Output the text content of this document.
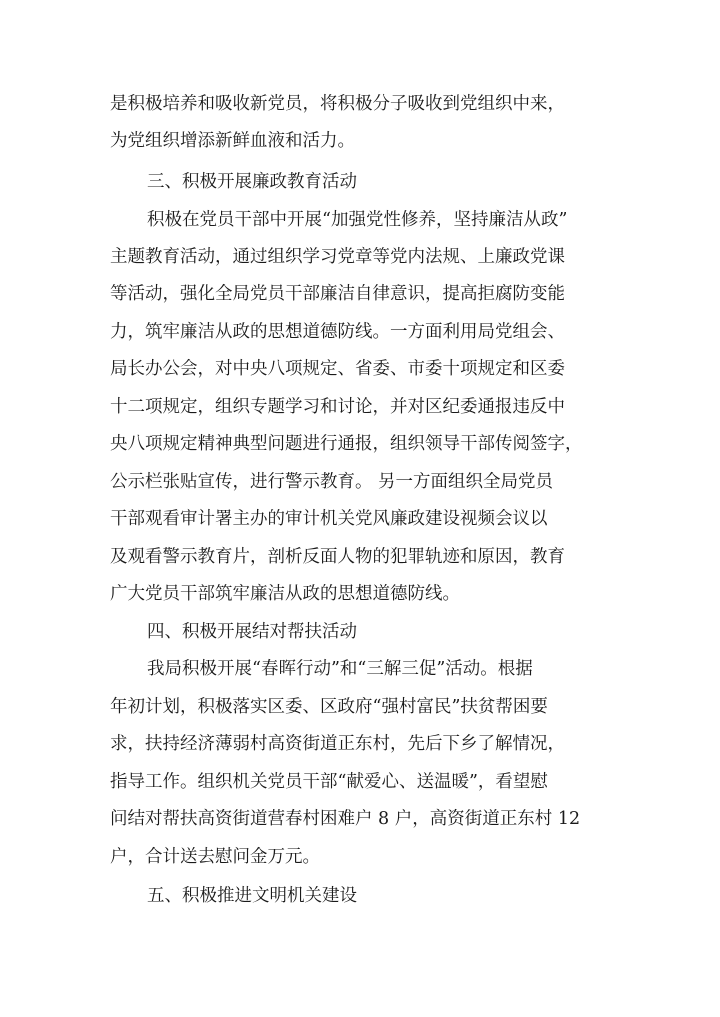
是积极培养和吸收新党员，将积极分子吸收到党组织中来，
为党组织增添新鲜血液和活力。
三、积极开展廉政教育活动
积极在党员干部中开展“加强党性修养，坚持廉洁从政”
主题教育活动，通过组织学习党章等党内法规、上廉政党课
等活动，强化全局党员干部廉洁自律意识，提高拒腐防变能
力，筑牢廉洁从政的思想道德防线。一方面利用局党组会、
局长办公会，对中央八项规定、省委、市委十项规定和区委
十二项规定，组织专题学习和讨论，并对区纪委通报违反中
央八项规定精神典型问题进行通报，组织领导干部传阅签字，
公示栏张贴宣传，进行警示教育。 另一方面组织全局党员
干部观看审计署主办的审计机关党风廉政建设视频会议以
及观看警示教育片，剖析反面人物的犯罪轨迹和原因，教育
广大党员干部筑牢廉洁从政的思想道德防线。
四、积极开展结对帮扶活动
我局积极开展“春晖行动”和“三解三促”活动。根据
年初计划，积极落实区委、区政府“强村富民”扶贫帮困要
求，扶持经济薄弱村高资街道正东村，先后下乡了解情况，
指导工作。组织机关党员干部“献爱心、送温暖”，看望慰
问结对帮扶高资街道营春村困难户 8 户，高资街道正东村 12
户，合计送去慰问金万元。
五、积极推进文明机关建设
